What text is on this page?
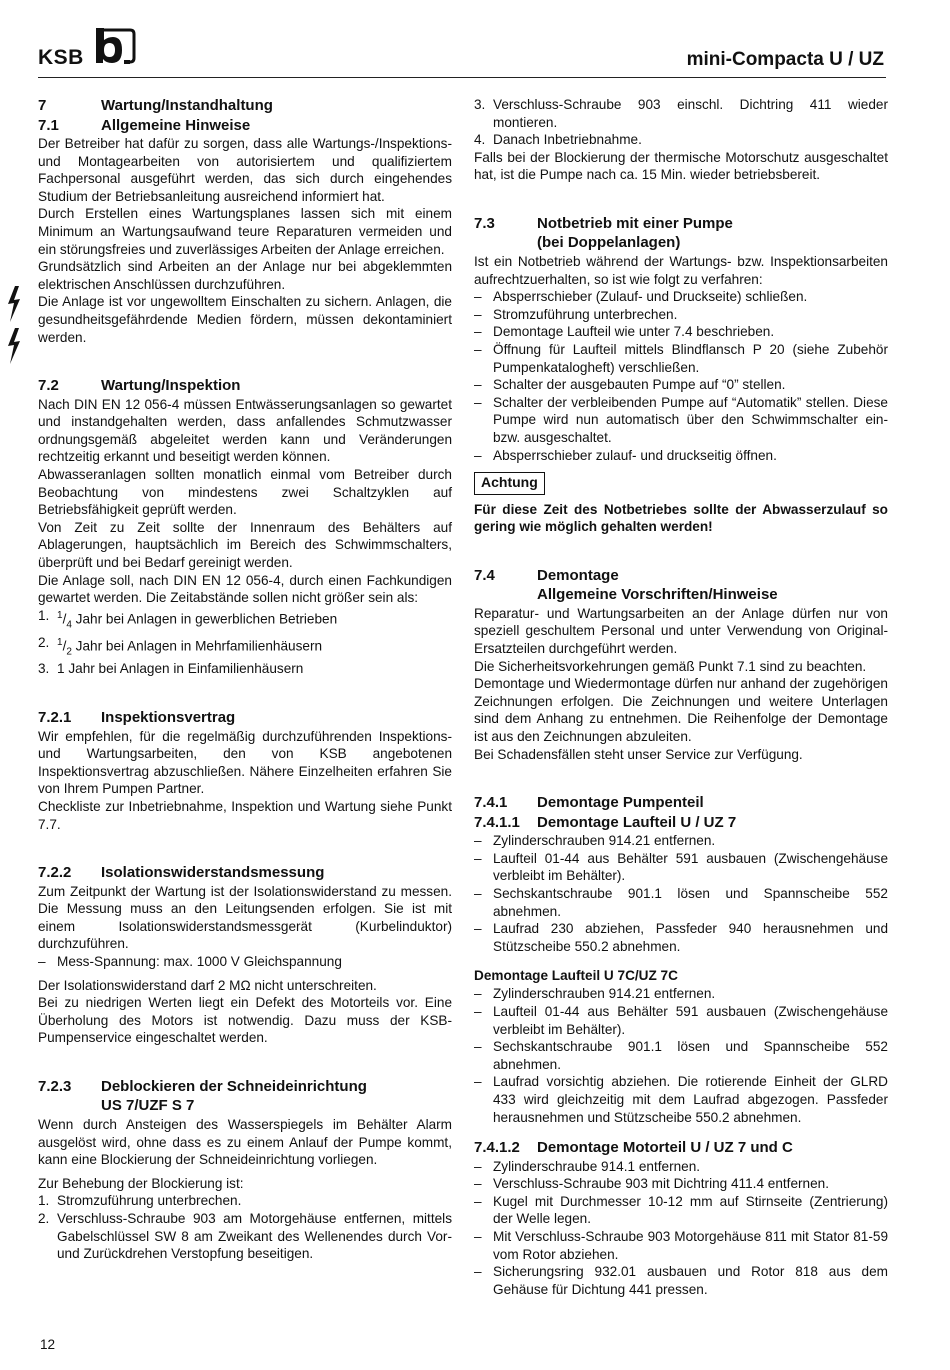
KSB	mini-Compacta U / UZ
7	Wartung/Instandhaltung
7.1	Allgemeine Hinweise
Der Betreiber hat dafür zu sorgen, dass alle Wartungs-/Inspektions- und Montagearbeiten von autorisiertem und qualifiziertem Fachpersonal ausgeführt werden, das sich durch eingehendes Studium der Betriebsanleitung ausreichend informiert hat.
Durch Erstellen eines Wartungsplanes lassen sich mit einem Minimum an Wartungsaufwand teure Reparaturen vermeiden und ein störungsfreies und zuverlässiges Arbeiten der Anlage erreichen.
Grundsätzlich sind Arbeiten an der Anlage nur bei abgeklemmten elektrischen Anschlüssen durchzuführen.
Die Anlage ist vor ungewolltem Einschalten zu sichern. Anlagen, die gesundheitsgefährdende Medien fördern, müssen dekontaminiert werden.
7.2	Wartung/Inspektion
Nach DIN EN 12 056-4 müssen Entwässerungsanlagen so gewartet und instandgehalten werden, dass anfallendes Schmutzwasser ordnungsgemäß abgeleitet werden kann und Veränderungen rechtzeitig erkannt und beseitigt werden können.
Abwasseranlagen sollten monatlich einmal vom Betreiber durch Beobachtung von mindestens zwei Schaltzyklen auf Betriebsfähigkeit geprüft werden.
Von Zeit zu Zeit sollte der Innenraum des Behälters auf Ablagerungen, hauptsächlich im Bereich des Schwimmschalters, überprüft und bei Bedarf gereinigt werden.
Die Anlage soll, nach DIN EN 12 056-4, durch einen Fachkundigen gewartet werden. Die Zeitabstände sollen nicht größer sein als:
1. $^1/_4$ Jahr bei Anlagen in gewerblichen Betrieben
2. $^1/_2$ Jahr bei Anlagen in Mehrfamilienhäusern
3. 1 Jahr bei Anlagen in Einfamilienhäusern
7.2.1	Inspektionsvertrag
Wir empfehlen, für die regelmäßig durchzuführenden Inspektions- und Wartungsarbeiten, den von KSB angebotenen Inspektionsvertrag abzuschließen. Nähere Einzelheiten erfahren Sie von Ihrem Pumpen Partner.
Checkliste zur Inbetriebnahme, Inspektion und Wartung siehe Punkt 7.7.
7.2.2	Isolationswiderstandsmessung
Zum Zeitpunkt der Wartung ist der Isolationswiderstand zu messen. Die Messung muss an den Leitungsenden erfolgen. Sie ist mit einem Isolationswiderstandsmessgerät (Kurbelinduktor) durchzuführen.
– Mess-Spannung: max. 1000 V Gleichspannung
Der Isolationswiderstand darf 2 MΩ nicht unterschreiten.
Bei zu niedrigen Werten liegt ein Defekt des Motorteils vor. Eine Überholung des Motors ist notwendig. Dazu muss der KSB-Pumpenservice eingeschaltet werden.
7.2.3	Deblockieren der Schneideinrichtung
US 7/UZF S 7
Wenn durch Ansteigen des Wasserspiegels im Behälter Alarm ausgelöst wird, ohne dass es zu einem Anlauf der Pumpe kommt, kann eine Blockierung der Schneideinrichtung vorliegen.
Zur Behebung der Blockierung ist:
1. Stromzuführung unterbrechen.
2. Verschluss-Schraube 903 am Motorgehäuse entfernen, mittels Gabelschlüssel SW 8 am Zweikant des Wellenendes durch Vor- und Zurückdrehen Verstopfung beseitigen.
3. Verschluss-Schraube 903 einschl. Dichtring 411 wieder montieren.
4. Danach Inbetriebnahme.
Falls bei der Blockierung der thermische Motorschutz ausgeschaltet hat, ist die Pumpe nach ca. 15 Min. wieder betriebsbereit.
7.3	Notbetrieb mit einer Pumpe
(bei Doppelanlagen)
Ist ein Notbetrieb während der Wartungs- bzw. Inspektionsarbeiten aufrechtzuerhalten, so ist wie folgt zu verfahren:
– Absperrschieber (Zulauf- und Druckseite) schließen.
– Stromzuführung unterbrechen.
– Demontage Laufteil wie unter 7.4 beschrieben.
– Öffnung für Laufteil mittels Blindflansch P 20 (siehe Zubehör Pumpenkatalogheft) verschließen.
– Schalter der ausgebauten Pumpe auf “0” stellen.
– Schalter der verbleibenden Pumpe auf “Automatik” stellen. Diese Pumpe wird nun automatisch über den Schwimmschalter ein- bzw. ausgeschaltet.
– Absperrschieber zulauf- und druckseitig öffnen.
Achtung
Für diese Zeit des Notbetriebes sollte der Abwasserzulauf so gering wie möglich gehalten werden!
7.4	Demontage
Allgemeine Vorschriften/Hinweise
Reparatur- und Wartungsarbeiten an der Anlage dürfen nur von speziell geschultem Personal und unter Verwendung von Original-Ersatzteilen durchgeführt werden.
Die Sicherheitsvorkehrungen gemäß Punkt 7.1 sind zu beachten.
Demontage und Wiedermontage dürfen nur anhand der zugehörigen Zeichnungen erfolgen. Die Zeichnungen und weitere Unterlagen sind dem Anhang zu entnehmen. Die Reihenfolge der Demontage ist aus den Zeichnungen abzuleiten.
Bei Schadensfällen steht unser Service zur Verfügung.
7.4.1	Demontage Pumpenteil
7.4.1.1	Demontage Laufteil U / UZ 7
– Zylinderschrauben 914.21 entfernen.
– Laufteil 01-44 aus Behälter 591 ausbauen (Zwischengehäuse verbleibt im Behälter).
– Sechskantschraube 901.1 lösen und Spannscheibe 552 abnehmen.
– Laufrad 230 abziehen, Passfeder 940 herausnehmen und Stützscheibe 550.2 abnehmen.
Demontage Laufteil U 7C/UZ 7C
– Zylinderschrauben 914.21 entfernen.
– Laufteil 01-44 aus Behälter 591 ausbauen (Zwischengehäuse verbleibt im Behälter).
– Sechskantschraube 901.1 lösen und Spannscheibe 552 abnehmen.
– Laufrad vorsichtig abziehen. Die rotierende Einheit der GLRD 433 wird gleichzeitig mit dem Laufrad abgezogen. Passfeder herausnehmen und Stützscheibe 550.2 abnehmen.
7.4.1.2	Demontage Motorteil U / UZ 7 und C
– Zylinderschraube 914.1 entfernen.
– Verschluss-Schraube 903 mit Dichtring 411.4 entfernen.
– Kugel mit Durchmesser 10-12 mm auf Stirnseite (Zentrierung) der Welle legen.
– Mit Verschluss-Schraube 903 Motorgehäuse 811 mit Stator 81-59 vom Rotor abziehen.
– Sicherungsring 932.01 ausbauen und Rotor 818 aus dem Gehäuse für Dichtung 441 pressen.
12
